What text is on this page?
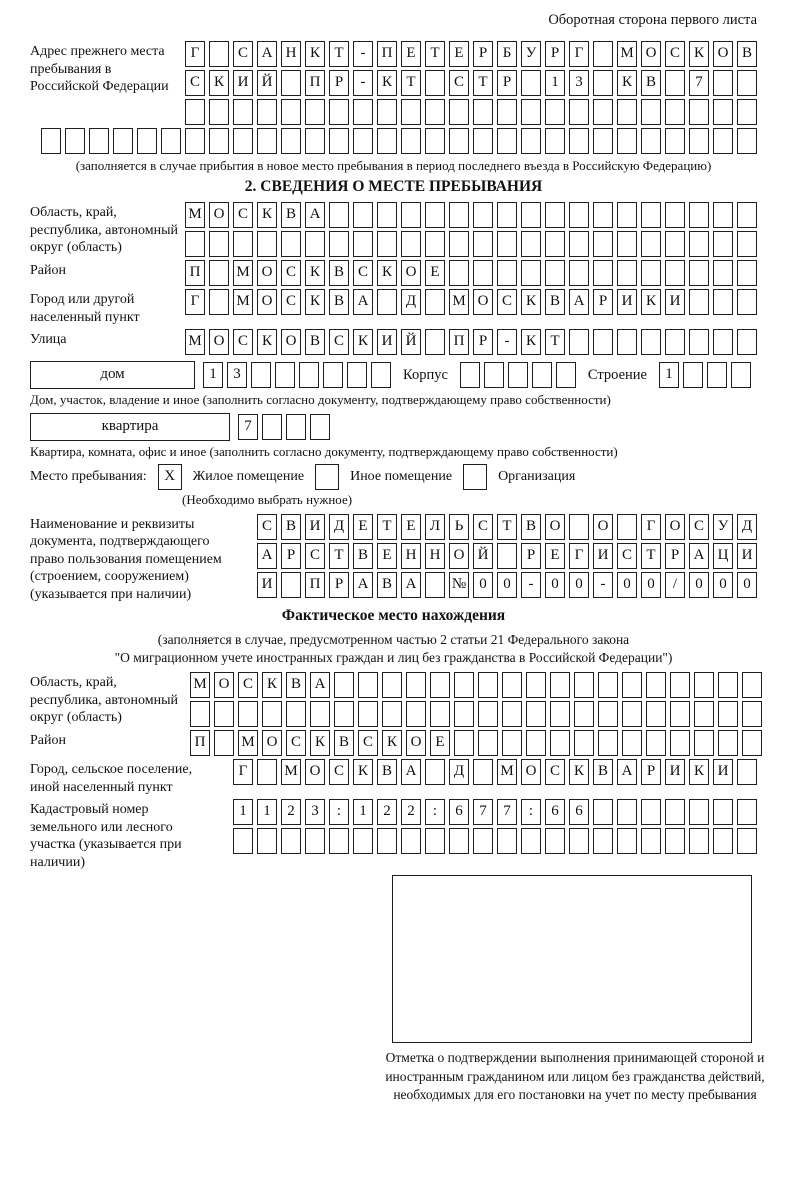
Оборотная сторона первого листа
Адрес прежнего места пребывания в Российской Федерации
Г	С А Н К Т	-	П Е Т Е	Р	Б У Р	Г	М О С К О В
С К И Й	П Р	-	К Т	С Т	Р	1	3	К В	7
(заполняется в случае прибытия в новое место пребывания в период последнего въезда в Российскую Федерацию)
2. СВЕДЕНИЯ О МЕСТЕ ПРЕБЫВАНИЯ
Область, край, республика, автономный округ (область)
М О С К В А
Район	П	М О С К В С К О Е
Город или другой населенный пункт
Г	М О С К В А	Д	М О С К В А Р И К И
Улица	М О С К О В С К И Й	П Р	-	К Т
дом	1	3	Корпус	Строение	1
Дом, участок, владение и иное (заполнить согласно документу, подтверждающему право собственности)
квартира	7
Квартира, комната, офис и иное (заполнить согласно документу, подтверждающему право собственности)
Место пребывания:	X	Жилое помещение	Иное помещение	Организация
(Необходимо выбрать нужное)
Наименование и реквизиты документа, подтверждающего право пользования помещением (строением, сооружением) (указывается при наличии)
С В И Д Е Т Е Л Ь С Т В О	О	Г О С У Д
А Р С Т В Е Н Н О Й	Р	Е	Г И С Т	Р А Ц И
И	П Р А В А	№ 0	0	-	0	0	-	0	0	/	0	0	0
Фактическое место нахождения
(заполняется в случае, предусмотренном частью 2 статьи 21 Федерального закона
"О миграционном учете иностранных граждан и лиц без гражданства в Российской Федерации")
Область, край, республика, автономный округ (область)
М О С К В А
Район	П	М О С К В С К О Е
Город, сельское поселение, иной населенный пункт
Г	М О С К В А	Д	М О С К В А Р И К И
Кадастровый номер земельного или лесного участка (указывается при наличии)
1	1	2	3	:	1	2	2	:	6	7	7	:	6	6
Отметка о подтверждении выполнения принимающей стороной и иностранным гражданином или лицом без гражданства действий, необходимых для его постановки на учет по месту пребывания
